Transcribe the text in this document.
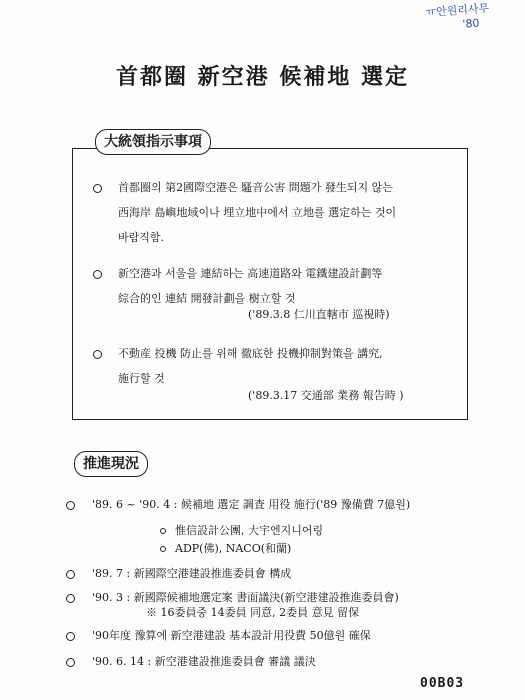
ㅠ안원리사무
'80
首都圈 新空港 候補地 選定
大統領指示事項
首都圈의 第2國際空港은 騷音公害 問題가 發生되지 않는
西海岸 島嶼地域이나 埋立地中에서 立地를 選定하는 것이
바람직함.
新空港과 서울을 連結하는 高速道路와 電鐵建設計劃等
綜合的인 連結 開發計劃을 樹立할 것
('89.3.8 仁川直轄市 巡視時)
不動産 投機 防止를 위해 徹底한 投機抑制對策을 講究,
施行할 것
('89.3.17 交通部 業務 報告時 )
推進現況
'89. 6 ~ '90. 4 : 候補地 選定 調査 用役 施行('89 豫備費 7億원)
惟信設計公團, 大宇엔지니어링
ADP(佛), NACO(和蘭)
'89. 7 : 新國際空港建設推進委員會 構成
'90. 3 : 新國際候補地選定案 書面議決(新空港建設推進委員會)
※ 16委員중 14委員 同意, 2委員 意見 留保
'90年度 豫算에 新空港建設 基本設計用役費 50億원 確保
'90. 6. 14 : 新空港建設推進委員會 審議 議決
00B03
